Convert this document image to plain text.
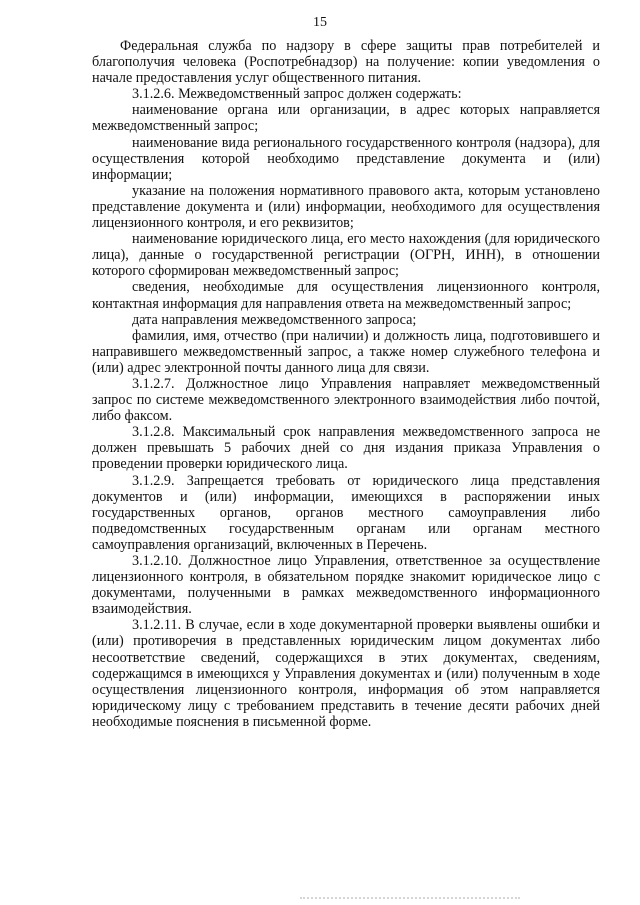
15

Федеральная служба по надзору в сфере защиты прав потребителей и благополучия человека (Роспотребнадзор) на получение: копии уведомления о начале предоставления услуг общественного питания.

3.1.2.6. Межведомственный запрос должен содержать:

наименование органа или организации, в адрес которых направляется межведомственный запрос;

наименование вида регионального государственного контроля (надзора), для осуществления которой необходимо представление документа и (или) информации;

указание на положения нормативного правового акта, которым установлено представление документа и (или) информации, необходимого для осуществления лицензионного контроля, и его реквизитов;

наименование юридического лица, его место нахождения (для юридического лица), данные о государственной регистрации (ОГРН, ИНН), в отношении которого сформирован межведомственный запрос;

сведения, необходимые для осуществления лицензионного контроля, контактная информация для направления ответа на межведомственный запрос;

дата направления межведомственного запроса;

фамилия, имя, отчество (при наличии) и должность лица, подготовившего и направившего межведомственный запрос, а также номер служебного телефона и (или) адрес электронной почты данного лица для связи.

3.1.2.7. Должностное лицо Управления направляет межведомственный запрос по системе межведомственного электронного взаимодействия либо почтой, либо факсом.

3.1.2.8. Максимальный срок направления межведомственного запроса не должен превышать 5 рабочих дней со дня издания приказа Управления о проведении проверки юридического лица.

3.1.2.9. Запрещается требовать от юридического лица представления документов и (или) информации, имеющихся в распоряжении иных государственных органов, органов местного самоуправления либо подведомственных государственным органам или органам местного самоуправления организаций, включенных в Перечень.

3.1.2.10. Должностное лицо Управления, ответственное за осуществление лицензионного контроля, в обязательном порядке знакомит юридическое лицо с документами, полученными в рамках межведомственного информационного взаимодействия.

3.1.2.11. В случае, если в ходе документарной проверки выявлены ошибки и (или) противоречия в представленных юридическим лицом документах либо несоответствие сведений, содержащихся в этих документах, сведениям, содержащимся в имеющихся у Управления документах и (или) полученным в ходе осуществления лицензионного контроля, информация об этом направляется юридическому лицу с требованием представить в течение десяти рабочих дней необходимые пояснения в письменной форме.
